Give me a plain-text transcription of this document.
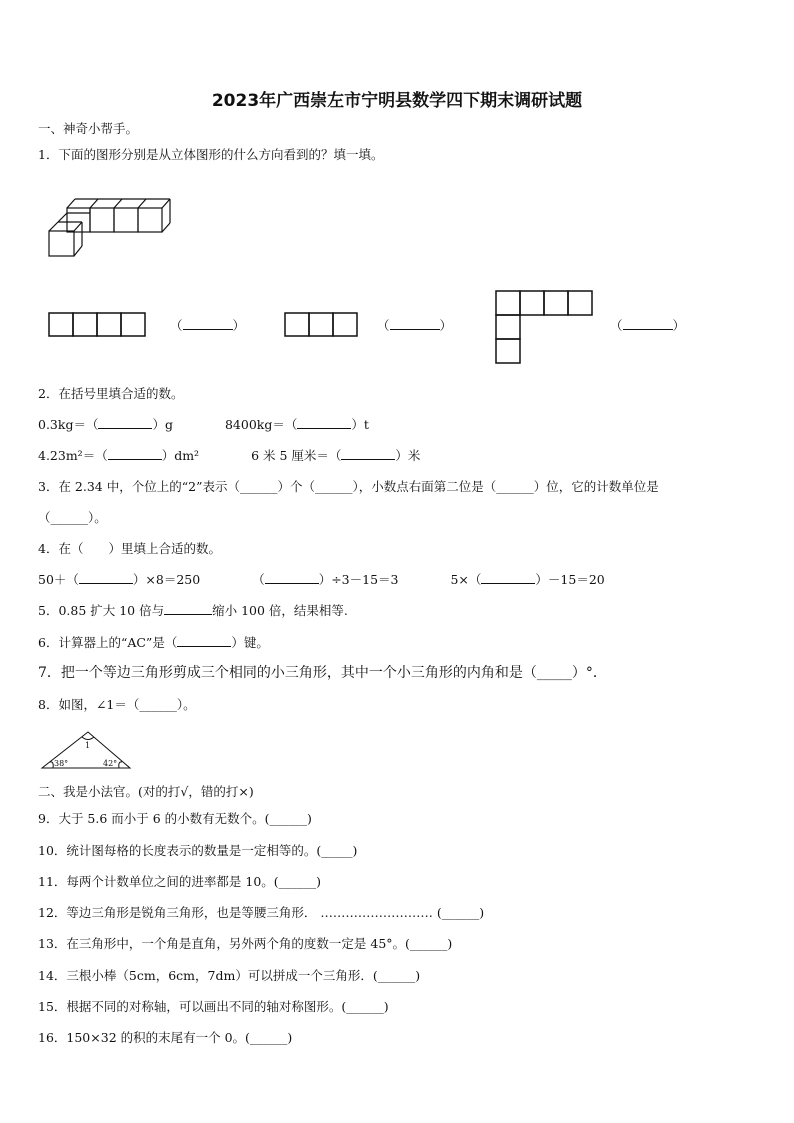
2023年广西崇左市宁明县数学四下期末调研试题
一、神奇小帮手。
1．下面的图形分别是从立体图形的什么方向看到的？填一填。
（	）	（	）	（	）
2．在括号里填合适的数。
0.3kg＝（	）g	8400kg＝（	）t
4.23m²＝（	）dm²	6 米 5 厘米＝（	）米
3．在 2.34 中，个位上的“2”表示（______）个（______），小数点右面第二位是（______）位，它的计数单位是
（______）。
4．在（　　）里填上合适的数。
50＋（	）×8＝250	（	）÷3－15＝3	5×（	）－15＝20
5．0.85 扩大 10 倍与	缩小 100 倍，结果相等.
6．计算器上的“AC”是（	）键。
7．把一个等边三角形剪成三个相同的小三角形，其中一个小三角形的内角和是（_____）°．
8．如图，∠1＝（______）。
1
38°	42°
二、我是小法官。(对的打√，错的打×)
9．大于 5.6 而小于 6 的小数有无数个。(______)
10．统计图每格的长度表示的数量是一定相等的。(_____)
11．每两个计数单位之间的进率都是 10。(______)
12．等边三角形是锐角三角形，也是等腰三角形． ……………………… (______)
13．在三角形中，一个角是直角，另外两个角的度数一定是 45°。(______)
14．三根小棒（5cm，6cm，7dm）可以拼成一个三角形．(______)
15．根据不同的对称轴，可以画出不同的轴对称图形。(______)
16．150×32 的积的末尾有一个 0。(______)
